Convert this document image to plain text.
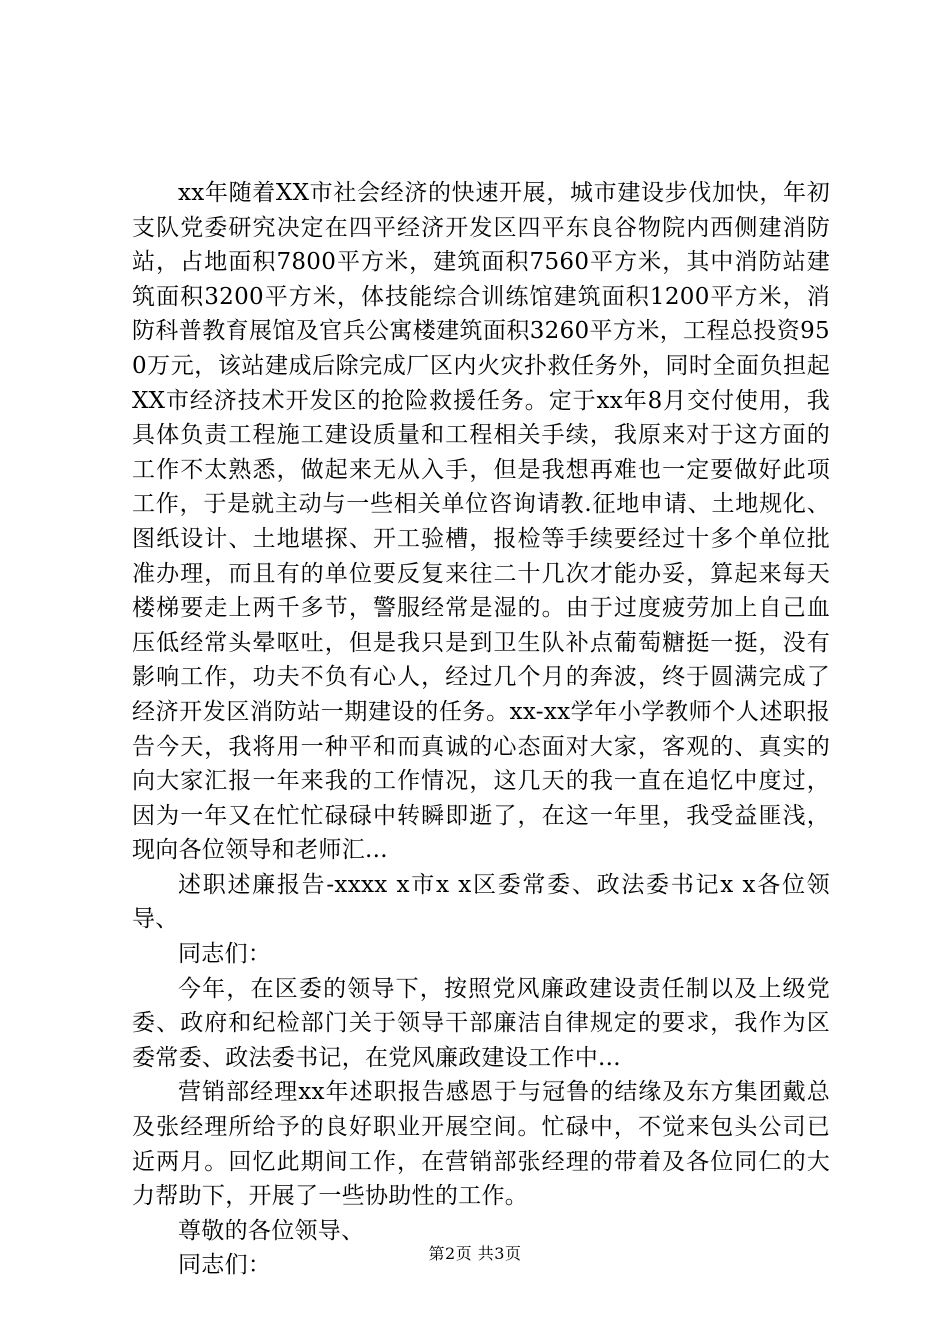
xx年随着XX市社会经济的快速开展，城市建设步伐加快，年初支队党委研究决定在四平经济开发区四平东良谷物院内西侧建消防站，占地面积7800平方米，建筑面积7560平方米，其中消防站建筑面积3200平方米，体技能综合训练馆建筑面积1200平方米，消防科普教育展馆及官兵公寓楼建筑面积3260平方米，工程总投资950万元，该站建成后除完成厂区内火灾扑救任务外，同时全面负担起XX市经济技术开发区的抢险救援任务。定于xx年8月交付使用，我具体负责工程施工建设质量和工程相关手续，我原来对于这方面的工作不太熟悉，做起来无从入手，但是我想再难也一定要做好此项工作，于是就主动与一些相关单位咨询请教.征地申请、土地规化、图纸设计、土地堪探、开工验槽，报检等手续要经过十多个单位批准办理，而且有的单位要反复来往二十几次才能办妥，算起来每天楼梯要走上两千多节，警服经常是湿的。由于过度疲劳加上自己血压低经常头晕呕吐，但是我只是到卫生队补点葡萄糖挺一挺，没有影响工作，功夫不负有心人，经过几个月的奔波，终于圆满完成了经济开发区消防站一期建设的任务。xx-xx学年小学教师个人述职报告今天，我将用一种平和而真诚的心态面对大家，客观的、真实的向大家汇报一年来我的工作情况，这几天的我一直在追忆中度过，因为一年又在忙忙碌碌中转瞬即逝了，在这一年里，我受益匪浅，现向各位领导和老师汇...

述职述廉报告-xxxx x市x x区委常委、政法委书记x x各位领导、

同志们：

今年，在区委的领导下，按照党风廉政建设责任制以及上级党委、政府和纪检部门关于领导干部廉洁自律规定的要求，我作为区委常委、政法委书记，在党风廉政建设工作中...

营销部经理xx年述职报告感恩于与冠鲁的结缘及东方集团戴总及张经理所给予的良好职业开展空间。忙碌中，不觉来包头公司已近两月。回忆此期间工作，在营销部张经理的带着及各位同仁的大力帮助下，开展了一些协助性的工作。

尊敬的各位领导、

同志们：	第2页 共3页
